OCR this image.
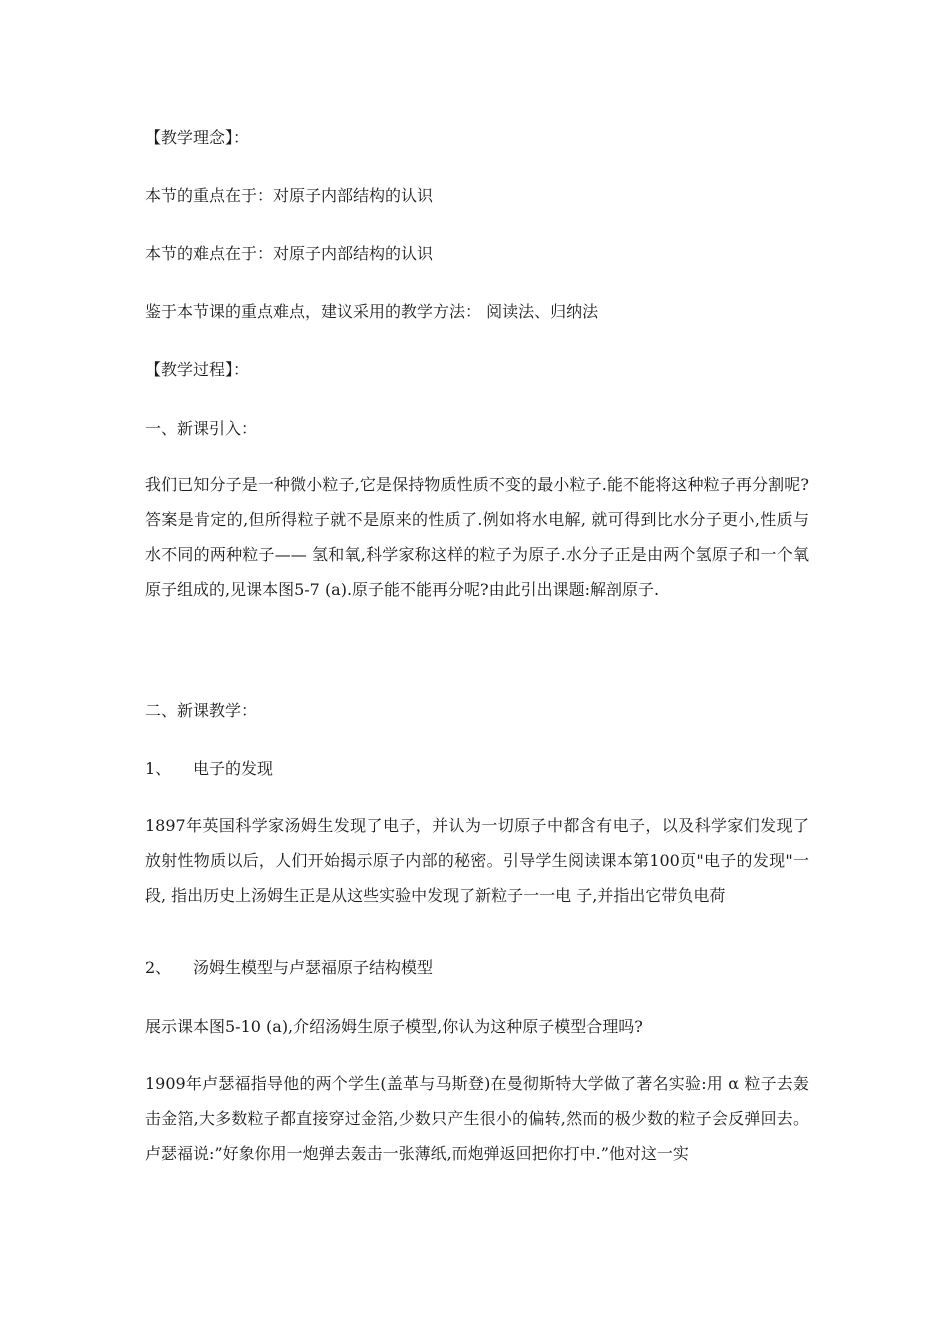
【教学理念】：

本节的重点在于：对原子内部结构的认识

本节的难点在于：对原子内部结构的认识

鉴于本节课的重点难点，建议采用的教学方法： 阅读法、归纳法

【教学过程】：

一、新课引入：

我们已知分子是一种微小粒子,它是保持物质性质不变的最小粒子.能不能将这种粒子再分割呢?答案是肯定的,但所得粒子就不是原来的性质了.例如将水电解, 就可得到比水分子更小,性质与水不同的两种粒子—— 氢和氧,科学家称这样的粒子为原子.水分子正是由两个氢原子和一个氧原子组成的,见课本图5-7 (a).原子能不能再分呢?由此引出课题:解剖原子.

二、新课教学：

1、 电子的发现

1897年英国科学家汤姆生发现了电子，并认为一切原子中都含有电子，以及科学家们发现了放射性物质以后，人们开始揭示原子内部的秘密。引导学生阅读课本第100页"电子的发现"一段, 指出历史上汤姆生正是从这些实验中发现了新粒子一一电 子,并指出它带负电荷

2、 汤姆生模型与卢瑟福原子结构模型

展示课本图5-10 (a),介绍汤姆生原子模型,你认为这种原子模型合理吗?

1909年卢瑟福指导他的两个学生(盖革与马斯登)在曼彻斯特大学做了著名实验:用 α 粒子去轰击金箔,大多数粒子都直接穿过金箔,少数只产生很小的偏转,然而的极少数的粒子会反弹回去。卢瑟福说:”好象你用一炮弹去轰击一张薄纸,而炮弹返回把你打中.”他对这一实
